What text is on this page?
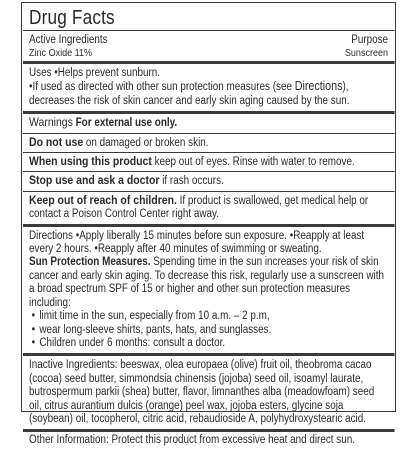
Drug Facts
Active Ingredients	Purpose
Zinc Oxide 11%	Sunscreen

Uses • Helps prevent sunburn.

• If used as directed with other sun protection measures (see Directions), decreases the risk of skin cancer and early skin aging caused by the sun.

Warnings For external use only.

Do not use on damaged or broken skin.

When using this product keep out of eyes. Rinse with water to remove.

Stop use and ask a doctor if rash occurs.

Keep out of reach of children. If product is swallowed, get medical help or contact a Poison Control Center right away.

Directions • Apply liberally 15 minutes before sun exposure. • Reapply at least every 2 hours. • Reapply after 40 minutes of swimming or sweating.

Sun Protection Measures. Spending time in the sun increases your risk of skin cancer and early skin aging. To decrease this risk, regularly use a sunscreen with a broad spectrum SPF of 15 or higher and other sun protection measures including:

• limit time in the sun, especially from 10 a.m. – 2 p.m,
• wear long-sleeve shirts, pants, hats, and sunglasses.
• Children under 6 months: consult a doctor.

Inactive Ingredients: beeswax, olea europaea (olive) fruit oil, theobroma cacao (cocoa) seed butter, simmondsia chinensis (jojoba) seed oil, isoamyl laurate, butrospermum parkii (shea) butter, flavor, limnanthes alba (meadowfoam) seed oil, citrus aurantium dulcis (orange) peel wax, jojoba esters, glycine soja (soybean) oil, tocopherol, citric acid, rebaudioside A, polyhydroxystearic acid.

Other Information: Protect this product from excessive heat and direct sun.
